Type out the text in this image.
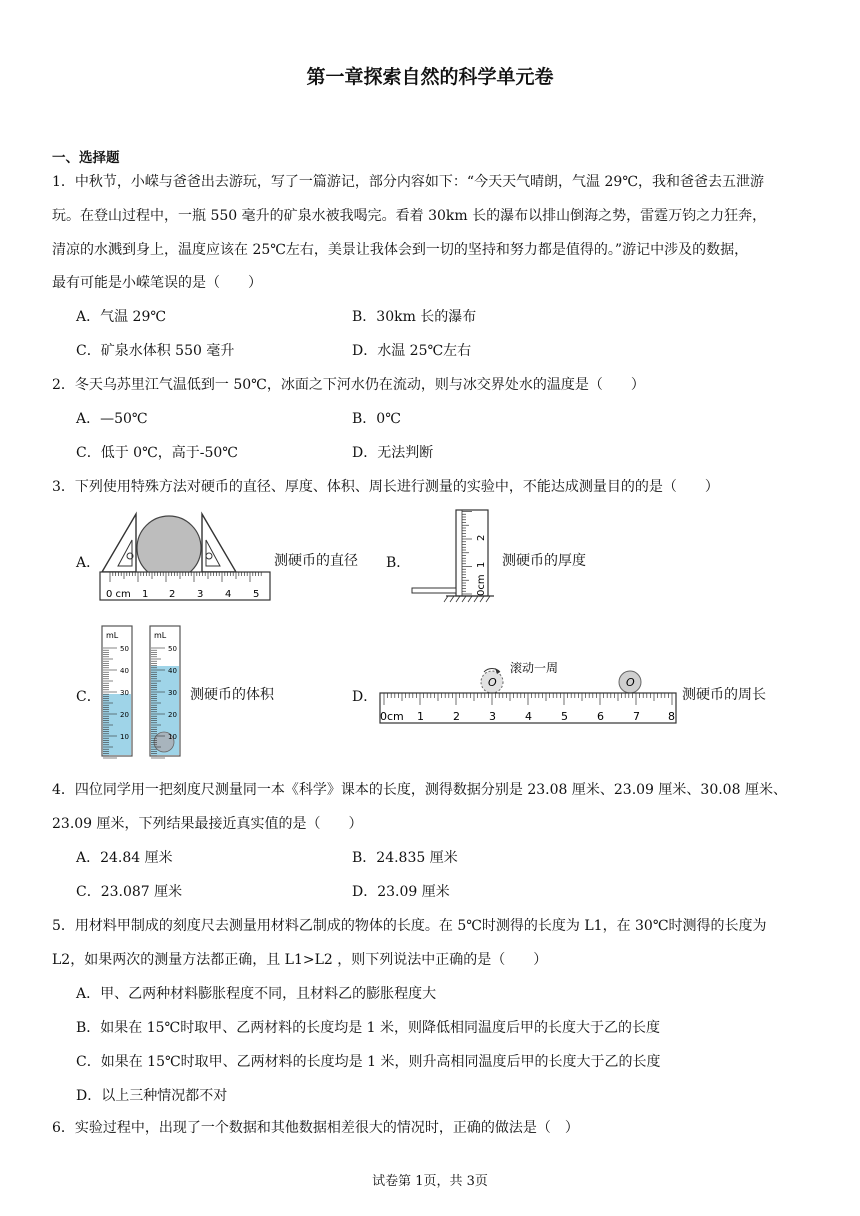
第一章探索自然的科学单元卷
一、选择题
1．中秋节，小嵘与爸爸出去游玩，写了一篇游记，部分内容如下：“今天天气晴朗，气温 29℃，我和爸爸去五泄游
玩。在登山过程中，一瓶 550 毫升的矿泉水被我喝完。看着 30km 长的瀑布以排山倒海之势，雷霆万钧之力狂奔，
清凉的水溅到身上，温度应该在 25℃左右，美景让我体会到一切的坚持和努力都是值得的。”游记中涉及的数据，
最有可能是小嵘笔误的是（　　）
A．气温 29℃	B．30km 长的瀑布
C．矿泉水体积 550 毫升	D．水温 25℃左右
2．冬天乌苏里江气温低到一 50℃，冰面之下河水仍在流动，则与冰交界处水的温度是（　　）
A．—50℃	B．0℃
C．低于 0℃，高于-50℃	D．无法判断
3．下列使用特殊方法对硬币的直径、厚度、体积、周长进行测量的实验中，不能达成测量目的的是（　　）
A．
0 cm 1 2 3 4 5
测硬币的直径 B．
0cm
1
2
测硬币的厚度
C．
mL
50
40
30
20
10
mL
50
40
30
20
10
测硬币的体积	D．
O
滚动一周
O
0cm 1	2	3	4	5	6	7	8
测硬币的周长
4．四位同学用一把刻度尺测量同一本《科学》课本的长度，测得数据分别是 23.08 厘米、23.09 厘米、30.08 厘米、
23.09 厘米，下列结果最接近真实值的是（　　）
A．24.84 厘米	B．24.835 厘米
C．23.087 厘米	D．23.09 厘米
5．用材料甲制成的刻度尺去测量用材料乙制成的物体的长度。在 5℃时测得的长度为 L1，在 30℃时测得的长度为
L2，如果两次的测量方法都正确，且 L1>L2 ，则下列说法中正确的是（　　）
A．甲、乙两种材料膨胀程度不同，且材料乙的膨胀程度大
B．如果在 15℃时取甲、乙两材料的长度均是 1 米，则降低相同温度后甲的长度大于乙的长度
C．如果在 15℃时取甲、乙两材料的长度均是 1 米，则升高相同温度后甲的长度大于乙的长度
D．以上三种情况都不对
6．实验过程中，出现了一个数据和其他数据相差很大的情况时，正确的做法是（　）
试卷第 1页，共 3页
